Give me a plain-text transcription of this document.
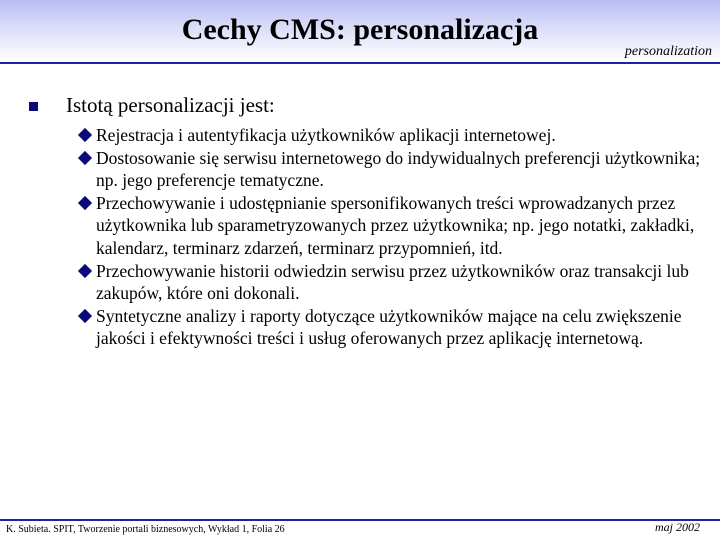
Cechy CMS: personalizacja
personalization
Istotą personalizacji jest:
Rejestracja i autentyfikacja użytkowników aplikacji internetowej.
Dostosowanie się serwisu internetowego do indywidualnych preferencji użytkownika; np. jego preferencje tematyczne.
Przechowywanie i udostępnianie spersonifikowanych treści wprowadzanych przez użytkownika lub sparametryzowanych przez użytkownika; np. jego notatki, zakładki, kalendarz, terminarz zdarzeń, terminarz przypomnień, itd.
Przechowywanie historii odwiedzin serwisu przez użytkowników oraz transakcji lub zakupów, które oni dokonali.
Syntetyczne analizy i raporty dotyczące użytkowników mające na celu zwiększenie jakości i efektywności treści i usług oferowanych przez aplikację internetową.
K. Subieta. SPIT, Tworzenie portali biznesowych, Wykład 1, Folia 26	maj 2002
